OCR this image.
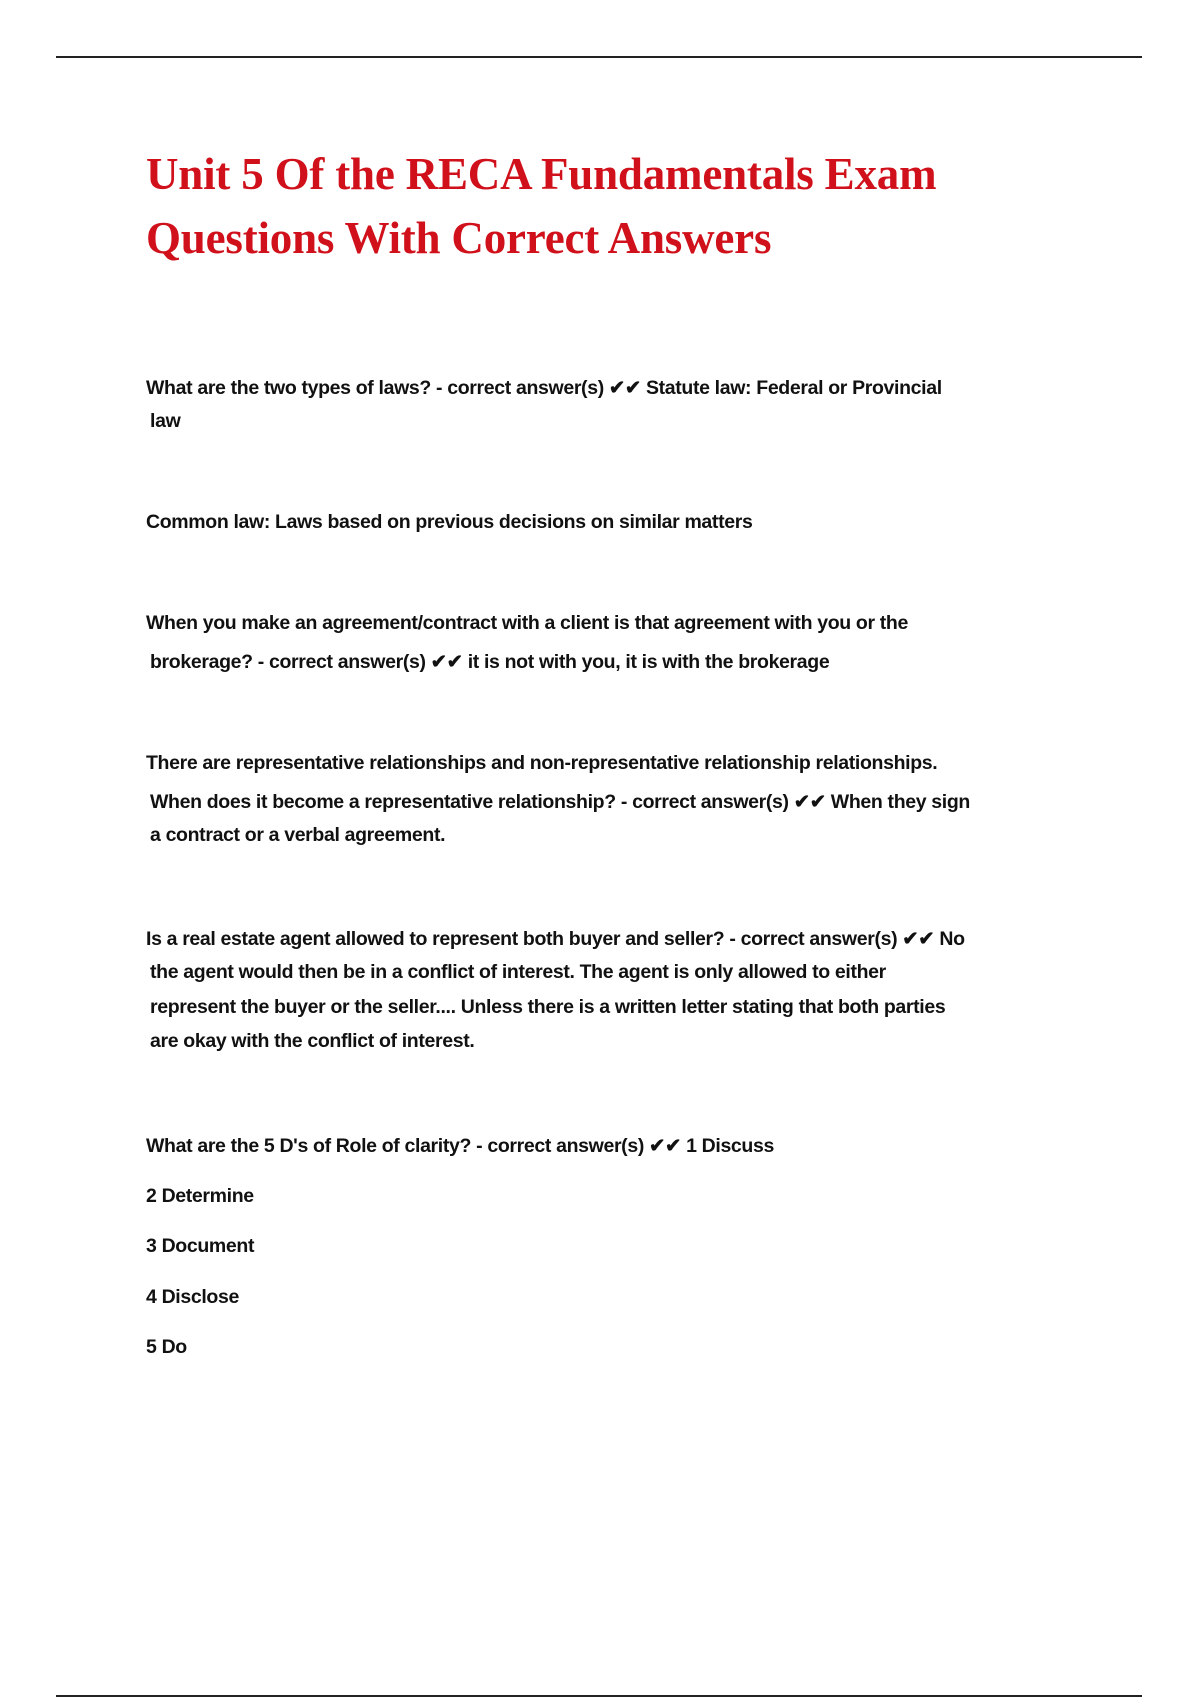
Unit 5 Of the RECA Fundamentals Exam
Questions With Correct Answers
What are the two types of laws? - correct answer(s) ✔✔ Statute law: Federal or Provincial
law
Common law: Laws based on previous decisions on similar matters
When you make an agreement/contract with a client is that agreement with you or the
brokerage? - correct answer(s) ✔✔ it is not with you, it is with the brokerage
There are representative relationships and non-representative relationship relationships.
When does it become a representative relationship? - correct answer(s) ✔✔ When they sign
a contract or a verbal agreement.
Is a real estate agent allowed to represent both buyer and seller? - correct answer(s) ✔✔ No
the agent would then be in a conflict of interest. The agent is only allowed to either
represent the buyer or the seller.... Unless there is a written letter stating that both parties
are okay with the conflict of interest.
What are the 5 D's of Role of clarity? - correct answer(s) ✔✔ 1 Discuss
2 Determine
3 Document
4 Disclose
5 Do
